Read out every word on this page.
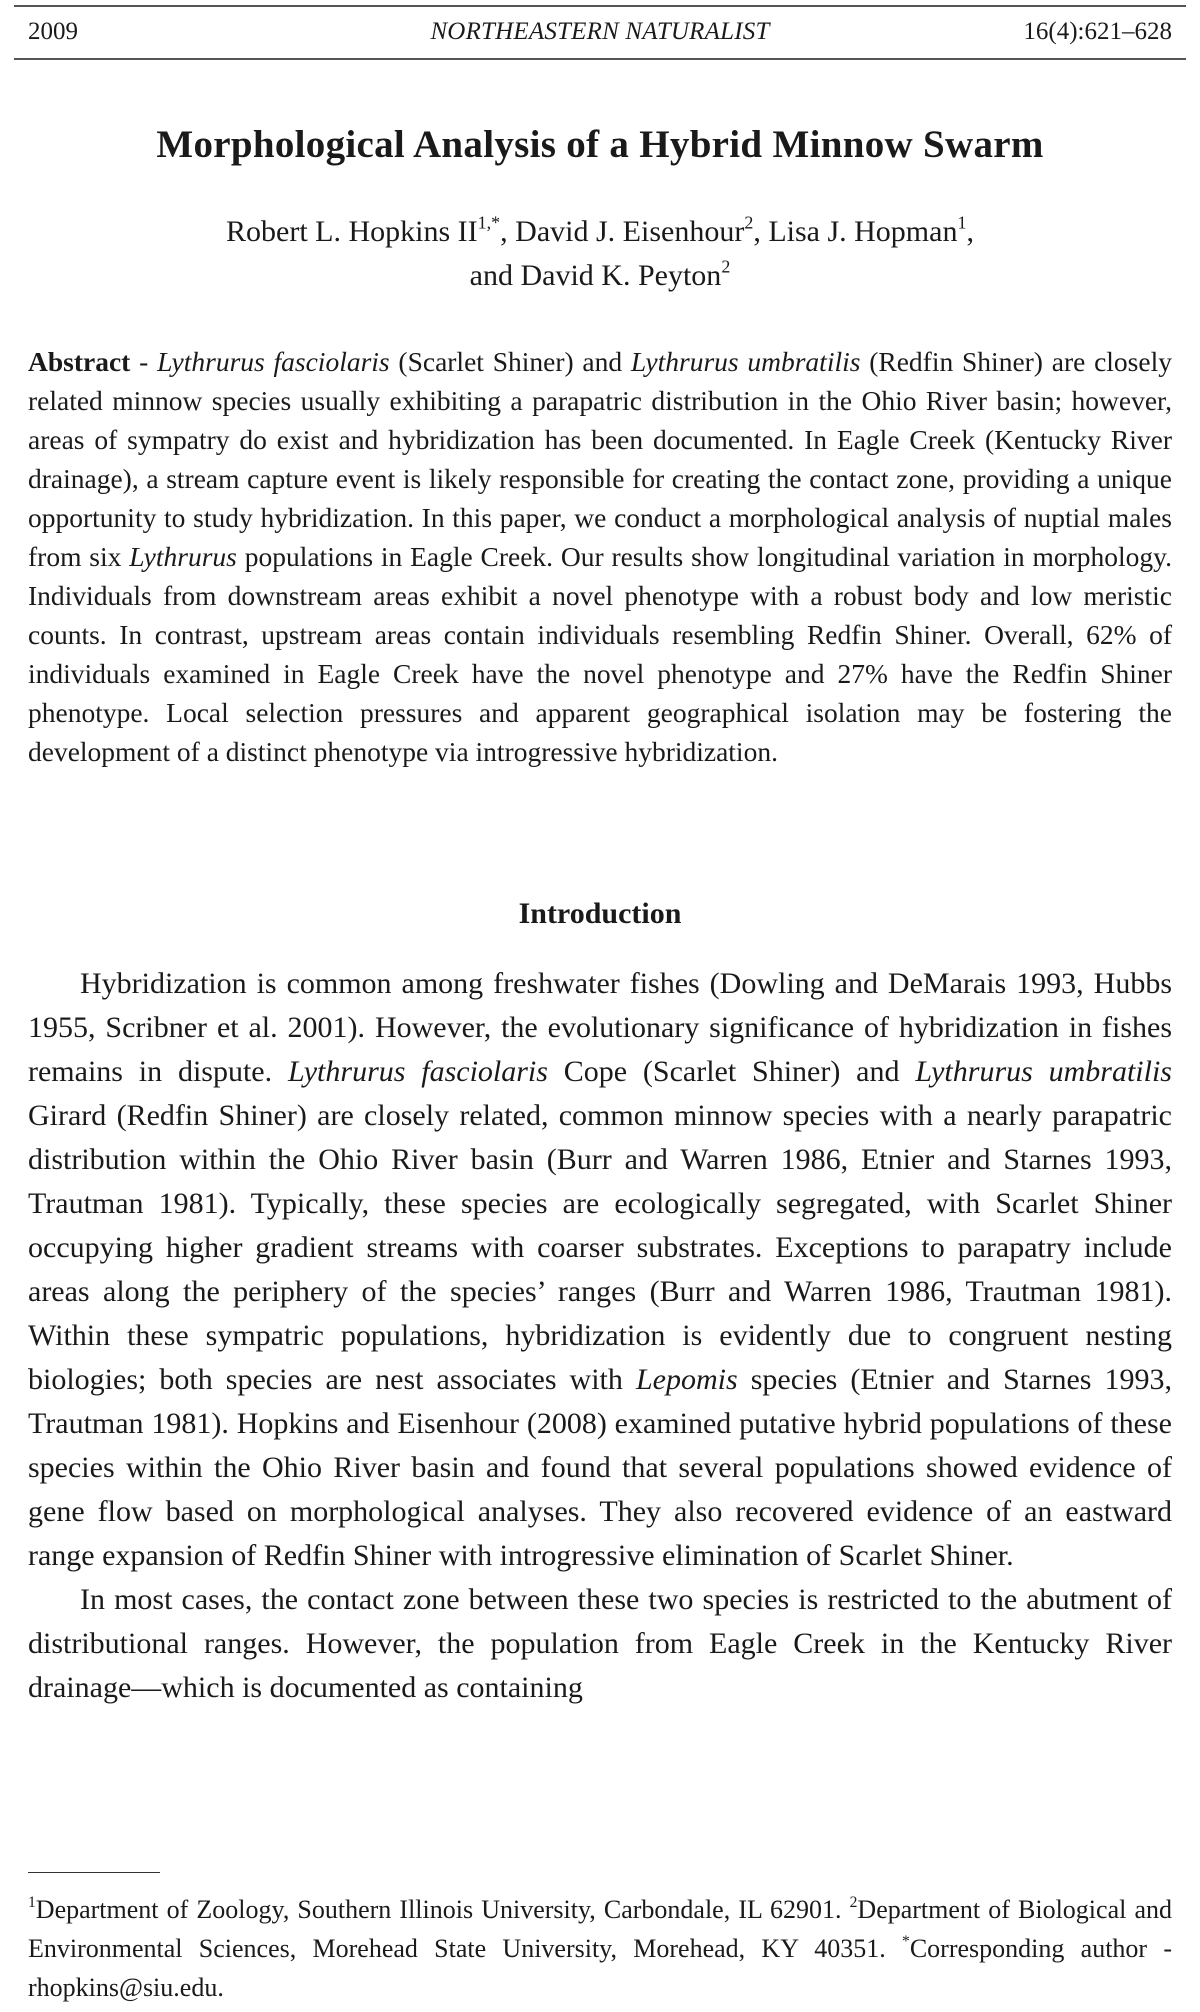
2009	NORTHEASTERN NATURALIST	16(4):621–628
Morphological Analysis of a Hybrid Minnow Swarm
Robert L. Hopkins $II^{1,*}$, David J. Eisenhour$^2$, Lisa J. Hopman$^1$,
and David K. Peyton$^2$
Abstract - Lythrurus fasciolaris (Scarlet Shiner) and Lythrurus umbratilis (Redfin Shiner) are closely related minnow species usually exhibiting a parapatric distribution in the Ohio River basin; however, areas of sympatry do exist and hybridization has been documented. In Eagle Creek (Kentucky River drainage), a stream capture event is likely responsible for creating the contact zone, providing a unique opportunity to study hybridization. In this paper, we conduct a morphological analysis of nuptial males from six Lythrurus populations in Eagle Creek. Our results show longitudinal variation in morphology. Individuals from downstream areas exhibit a novel phenotype with a robust body and low meristic counts. In contrast, upstream areas contain individuals resembling Redfin Shiner. Overall, 62% of individuals examined in Eagle Creek have the novel phenotype and 27% have the Redfin Shiner phenotype. Local selection pressures and apparent geographical isolation may be fostering the development of a distinct phenotype via introgressive hybridization.
Introduction

Hybridization is common among freshwater fishes (Dowling and DeMarais 1993, Hubbs 1955, Scribner et al. 2001). However, the evolutionary significance of hybridization in fishes remains in dispute. Lythrurus fasciolaris Cope (Scarlet Shiner) and Lythrurus umbratilis Girard (Redfin Shiner) are closely related, common minnow species with a nearly parapatric distribution within the Ohio River basin (Burr and Warren 1986, Etnier and Starnes 1993, Trautman 1981). Typically, these species are ecologically segregated, with Scarlet Shiner occupying higher gradient streams with coarser substrates. Exceptions to parapatry include areas along the periphery of the species’ ranges (Burr and Warren 1986, Trautman 1981). Within these sympatric populations, hybridization is evidently due to congruent nesting biologies; both species are nest associates with Lepomis species (Etnier and Starnes 1993, Trautman 1981). Hopkins and Eisenhour (2008) examined putative hybrid populations of these species within the Ohio River basin and found that several populations showed evidence of gene flow based on morphological analyses. They also recovered evidence of an eastward range expansion of Redfin Shiner with introgressive elimination of Scarlet Shiner.

In most cases, the contact zone between these two species is restricted to the abutment of distributional ranges. However, the population from Eagle Creek in the Kentucky River drainage—which is documented as containing

$^1$Department of Zoology, Southern Illinois University, Carbondale, IL 62901. $^2$Department of Biological and Environmental Sciences, Morehead State University, Morehead, KY 40351. *Corresponding author - rhopkins@siu.edu.
